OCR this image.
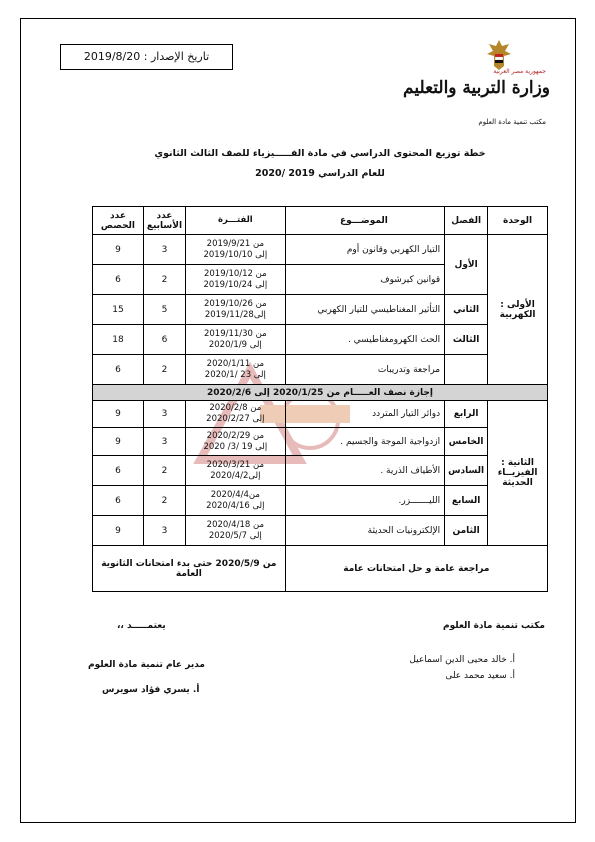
تاريخ الإصدار : 2019/8/20
جمهورية مصر العربية
وزارة التربية والتعليم
مكتب تنمية مادة العلوم
خطة توزيع المحتوى الدراسي في مادة الفـــــيزياء للصف الثالث الثانوي
للعام الدراسي 2019 /2020
الوحدة	الفصل	الموضـــوع	الفتـــرة	عدد الأسابيع	عدد الحصص
الأولى : الكهربية	الأول	التيار الكهربي وقانون أوم	من 2019/9/21
إلى 2019/10/10	3	9
		قوانين كيرشوف	من 2019/10/12
إلى 2019/10/24	2	6
	الثاني	التأثير المغناطيسي للتيار الكهربي	من 2019/10/26
إلى2019/11/28	5	15
	الثالث	الحث الكهرومغناطيسي .	من 2019/11/30
إلى 2020/1/9	6	18
		مراجعة وتدريبات	من 2020/1/11
إلى 23 /2020/1	2	6
إجازة نصف العـــــام من 2020/1/25 إلى 2020/2/6					
الثانية : الفيزيــاء الحديثة	الرابع	دوائر التيار المتردد	من 2020/2/8
إلى 2020/2/27	3	9
	الخامس	ازدواجية الموجة والجسيم .	من 2020/2/29
إلى 19 /3/ 2020	3	9
	السادس	الأطياف الذرية .	من 2020/3/21
إلى2020/4/2	2	6
	السابع	الليـــــــزر.	من2020/4/4
إلى 2020/4/16	2	6
	الثامن	الإلكترونيات الحديثة	من 2020/4/18
إلى 2020/5/7	3	9
مراجعة عامة و حل امتحانات عامة			من 2020/5/9 حتى بدء امتحانات الثانوية العامة		
مكتب تنمية مادة العلوم
أ. خالد محيى الدين اسماعيل
أ. سعيد محمد على
يعتمـــــد ،،
مدير عام تنمية مادة العلوم
أ. يسري فؤاد سويرس
